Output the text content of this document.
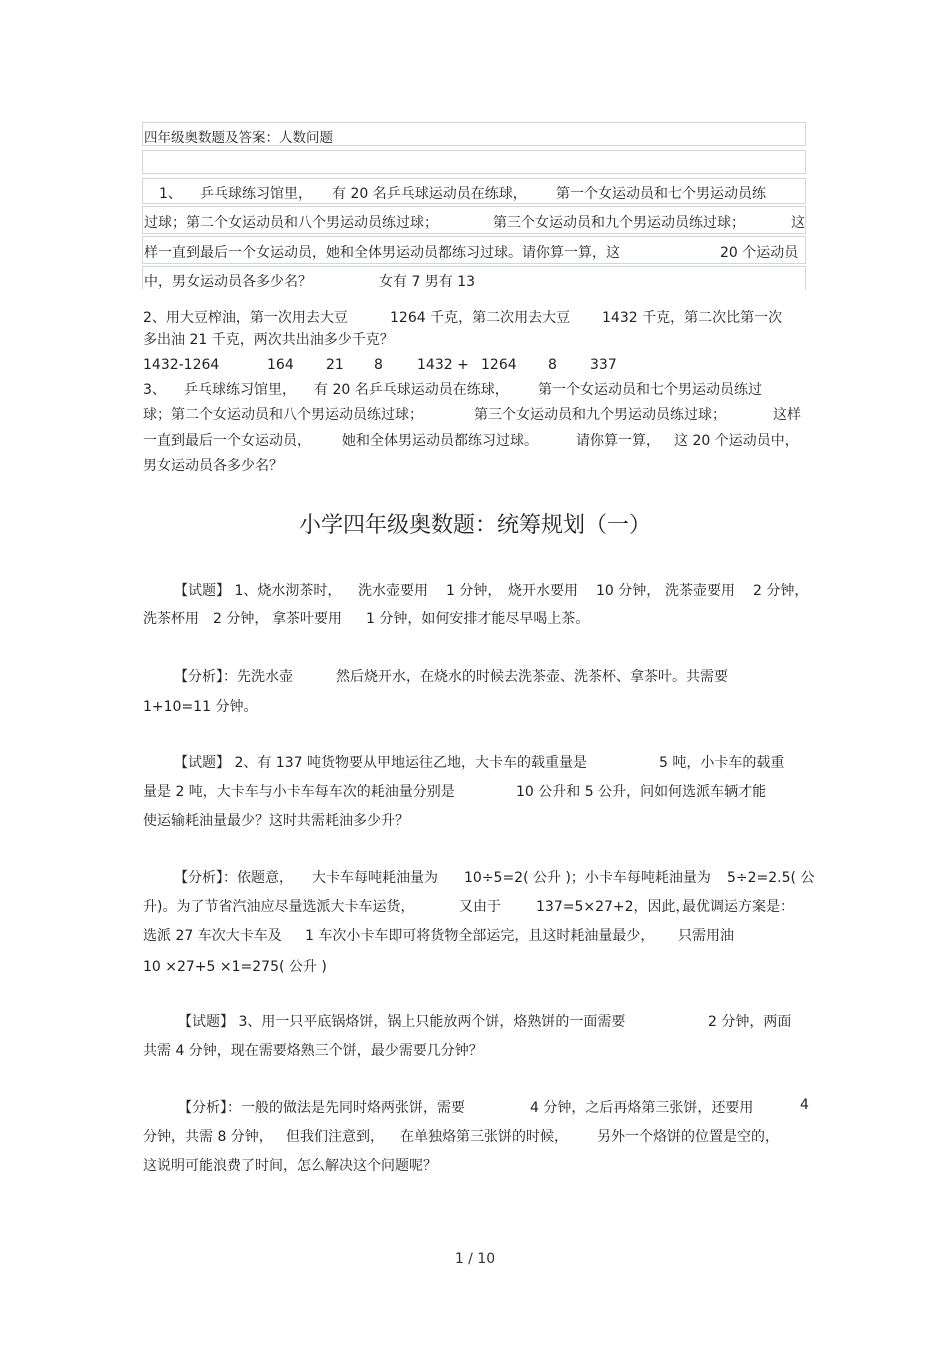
四年级奥数题及答案：人数问题
1、 乒乓球练习馆里， 有 20 名乒乓球运动员在练球， 第一个女运动员和七个男运动员练
过球；第二个女运动员和八个男运动员练过球；	第三个女运动员和九个男运动员练过球；	这
样一直到最后一个女运动员，她和全体男运动员都练习过球。请你算一算，这	20 个运动员
中，男女运动员各多少名？	女有 7 男有 13
2、用大豆榨油，第一次用去大豆	1264 千克，第二次用去大豆 1432 千克，第二次比第一次
多出油 21 千克，两次共出油多少千克？
1432-1264	164 21 8 1432 + 1264 8 337
3、 乒乓球练习馆里， 有 20 名乒乓球运动员在练球， 第一个女运动员和七个男运动员练过
球；第二个女运动员和八个男运动员练过球；	第三个女运动员和九个男运动员练过球；	这样
一直到最后一个女运动员， 她和全体男运动员都练习过球。	请你算一算， 这 20 个运动员中，
男女运动员各多少名？
小学四年级奥数题：统筹规划（一）
【试题】 1、烧水沏茶时， 洗水壶要用 1 分钟， 烧开水要用 10 分钟， 洗茶壶要用 2 分钟，
洗茶杯用 2 分钟， 拿茶叶要用 1 分钟，如何安排才能尽早喝上茶。
【分析】：先洗水壶	然后烧开水，在烧水的时候去洗茶壶、洗茶杯、拿茶叶。共需要
1+10=11 分钟。
【试题】 2、有 137 吨货物要从甲地运往乙地，大卡车的载重量是	5 吨，小卡车的载重
量是 2 吨，大卡车与小卡车每车次的耗油量分别是	10 公升和 5 公升，问如何选派车辆才能
使运输耗油量最少？这时共需耗油多少升？
【分析】：依题意， 大卡车每吨耗油量为 10÷5=2( 公升 )；小卡车每吨耗油量为 5÷2=2.5( 公
升)。为了节省汽油应尽量选派大卡车运货，	又由于	137=5×27+2，因此，
最优调运方案是：
选派 27 车次大卡车及 1 车次小卡车即可将货物全部运完，且这时耗油量最少， 只需用油
10 ×27+5 ×1=275( 公升 )
【试题】 3、用一只平底锅烙饼，锅上只能放两个饼，烙熟饼的一面需要	2 分钟，两面
共需 4 分钟，现在需要烙熟三个饼，最少需要几分钟？
【分析】：一般的做法是先同时烙两张饼，需要	4 分钟，之后再烙第三张饼，还要用	4
分钟，共需 8 分钟， 但我们注意到， 在单独烙第三张饼的时候， 另外一个烙饼的位置是空的，
这说明可能浪费了时间，怎么解决这个问题呢？
1 / 10
